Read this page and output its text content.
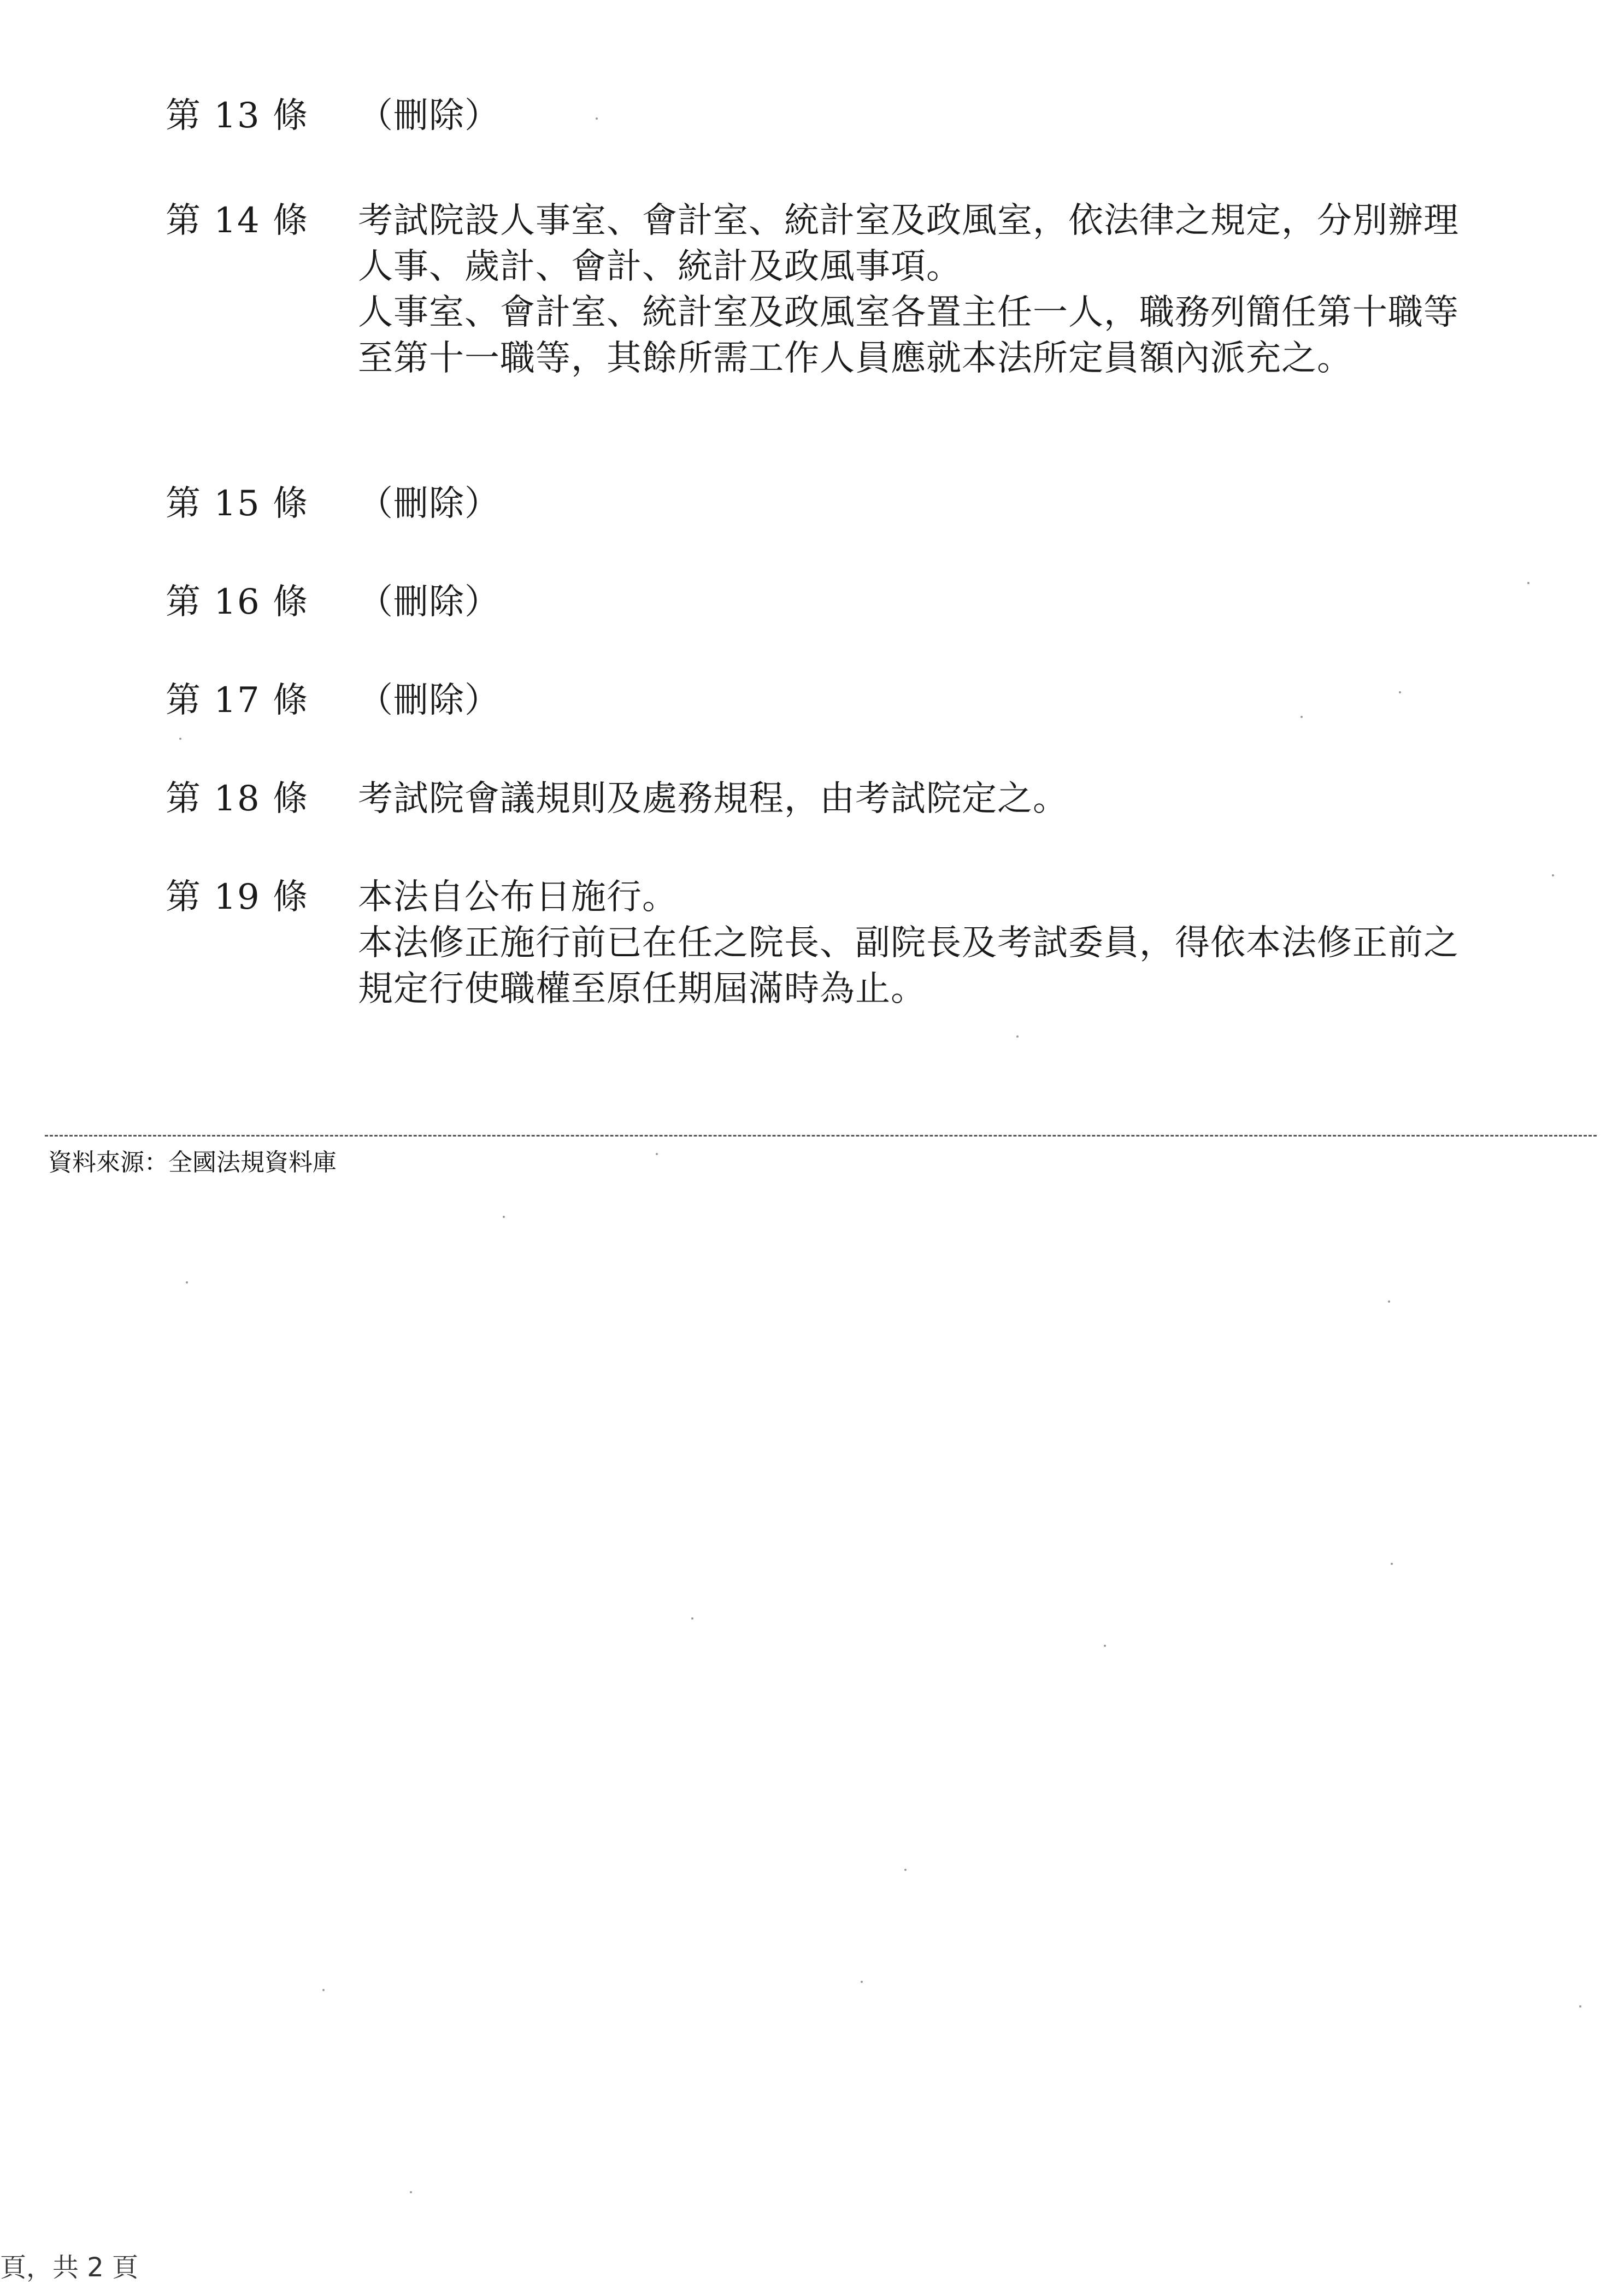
第 13 條	（刪除）
第 14 條	考試院設人事室、會計室、統計室及政風室，依法律之規定，分別辦理人事、歲計、會計、統計及政風事項。

人事室、會計室、統計室及政風室各置主任一人，職務列簡任第十職等至第十一職等，其餘所需工作人員應就本法所定員額內派充之。

第 15 條	（刪除）
第 16 條	（刪除）
第 17 條	（刪除）
第 18 條	考試院會議規則及處務規程，由考試院定之。

第 19 條	本法自公布日施行。

本法修正施行前已在任之院長、副院長及考試委員，得依本法修正前之規定行使職權至原任期屆滿時為止。

資料來源：全國法規資料庫
頁，共 2 頁
